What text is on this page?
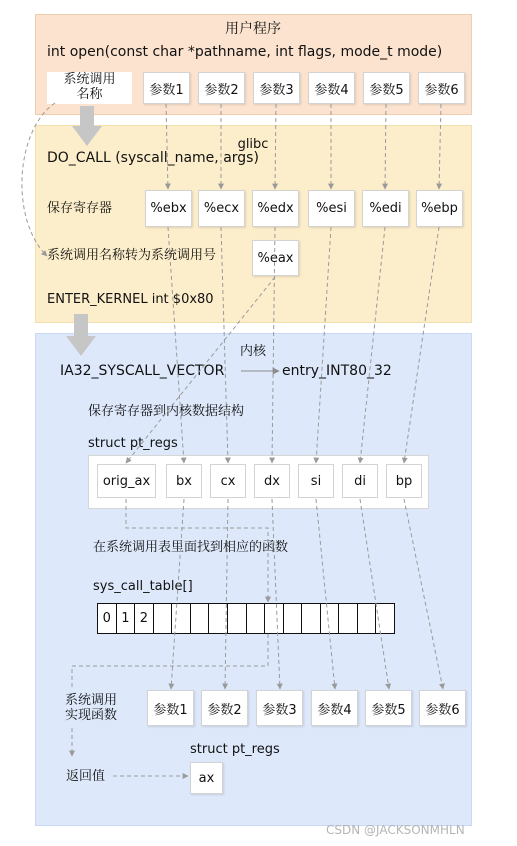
用户程序
int open(const char *pathname, int flags, mode_t mode)
系统调用
名称	参数1	参数2	参数3	参数4	参数5	参数6
glibc
DO_CALL (syscall_name, args)
保存寄存器	%ebx	%ecx	%edx	%esi	%edi	%ebp
系统调用名称转为系统调用号	%eax
ENTER_KERNEL int $0x80
内核
IA32_SYSCALL_VECTOR	entry_INT80_32
保存寄存器到内核数据结构
struct pt_regs
orig_ax	bx	cx	dx	si	di	bp
在系统调用表里面找到相应的函数
sys_call_table[]
0 1 2
系统调用
实现函数	参数1	参数2	参数3	参数4	参数5	参数6
struct pt_regs
返回值	ax
CSDN @JACKSONMHLN
